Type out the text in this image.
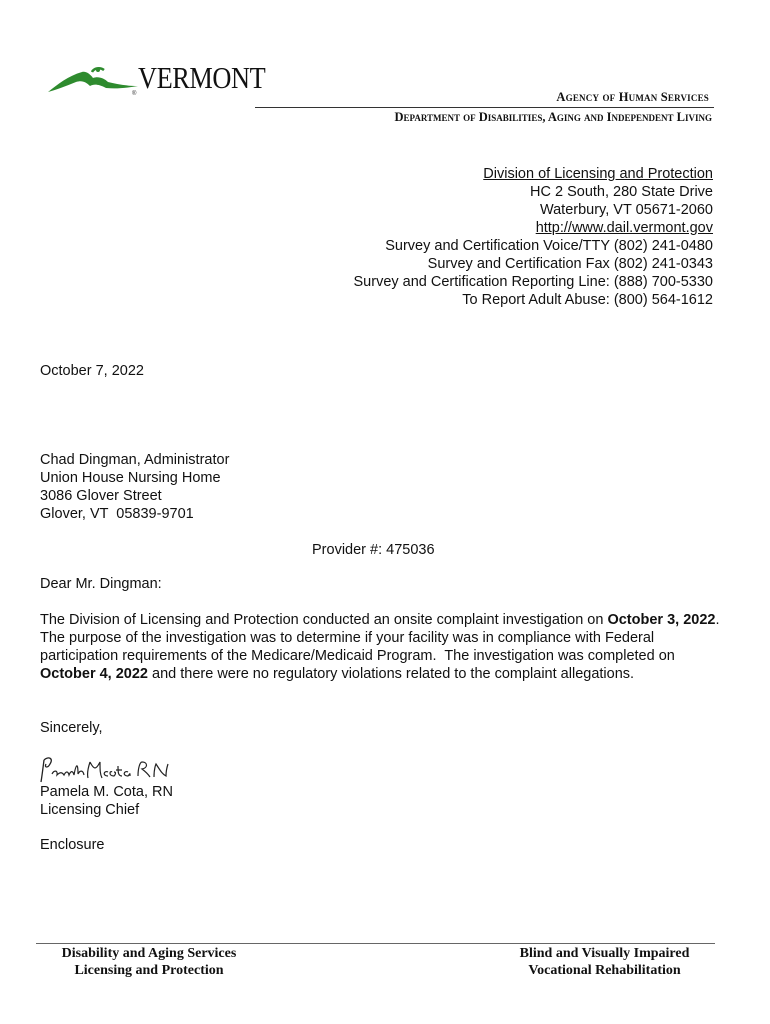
® VERMONT
Agency of Human Services
Department of Disabilities, Aging and Independent Living
Division of Licensing and Protection
HC 2 South, 280 State Drive
Waterbury, VT 05671-2060
http://www.dail.vermont.gov
Survey and Certification Voice/TTY (802) 241-0480
Survey and Certification Fax (802) 241-0343
Survey and Certification Reporting Line: (888) 700-5330
To Report Adult Abuse: (800) 564-1612
October 7, 2022
Chad Dingman, Administrator
Union House Nursing Home
3086 Glover Street
Glover, VT  05839-9701
Provider #: 475036
Dear Mr. Dingman:
The Division of Licensing and Protection conducted an onsite complaint investigation on October 3, 2022. The purpose of the investigation was to determine if your facility was in compliance with Federal participation requirements of the Medicare/Medicaid Program.  The investigation was completed on October 4, 2022 and there were no regulatory violations related to the complaint allegations.
Sincerely,
Pamela M. Cota, RN
Licensing Chief
Enclosure
Disability and Aging Services
Licensing and Protection
Blind and Visually Impaired
Vocational Rehabilitation
